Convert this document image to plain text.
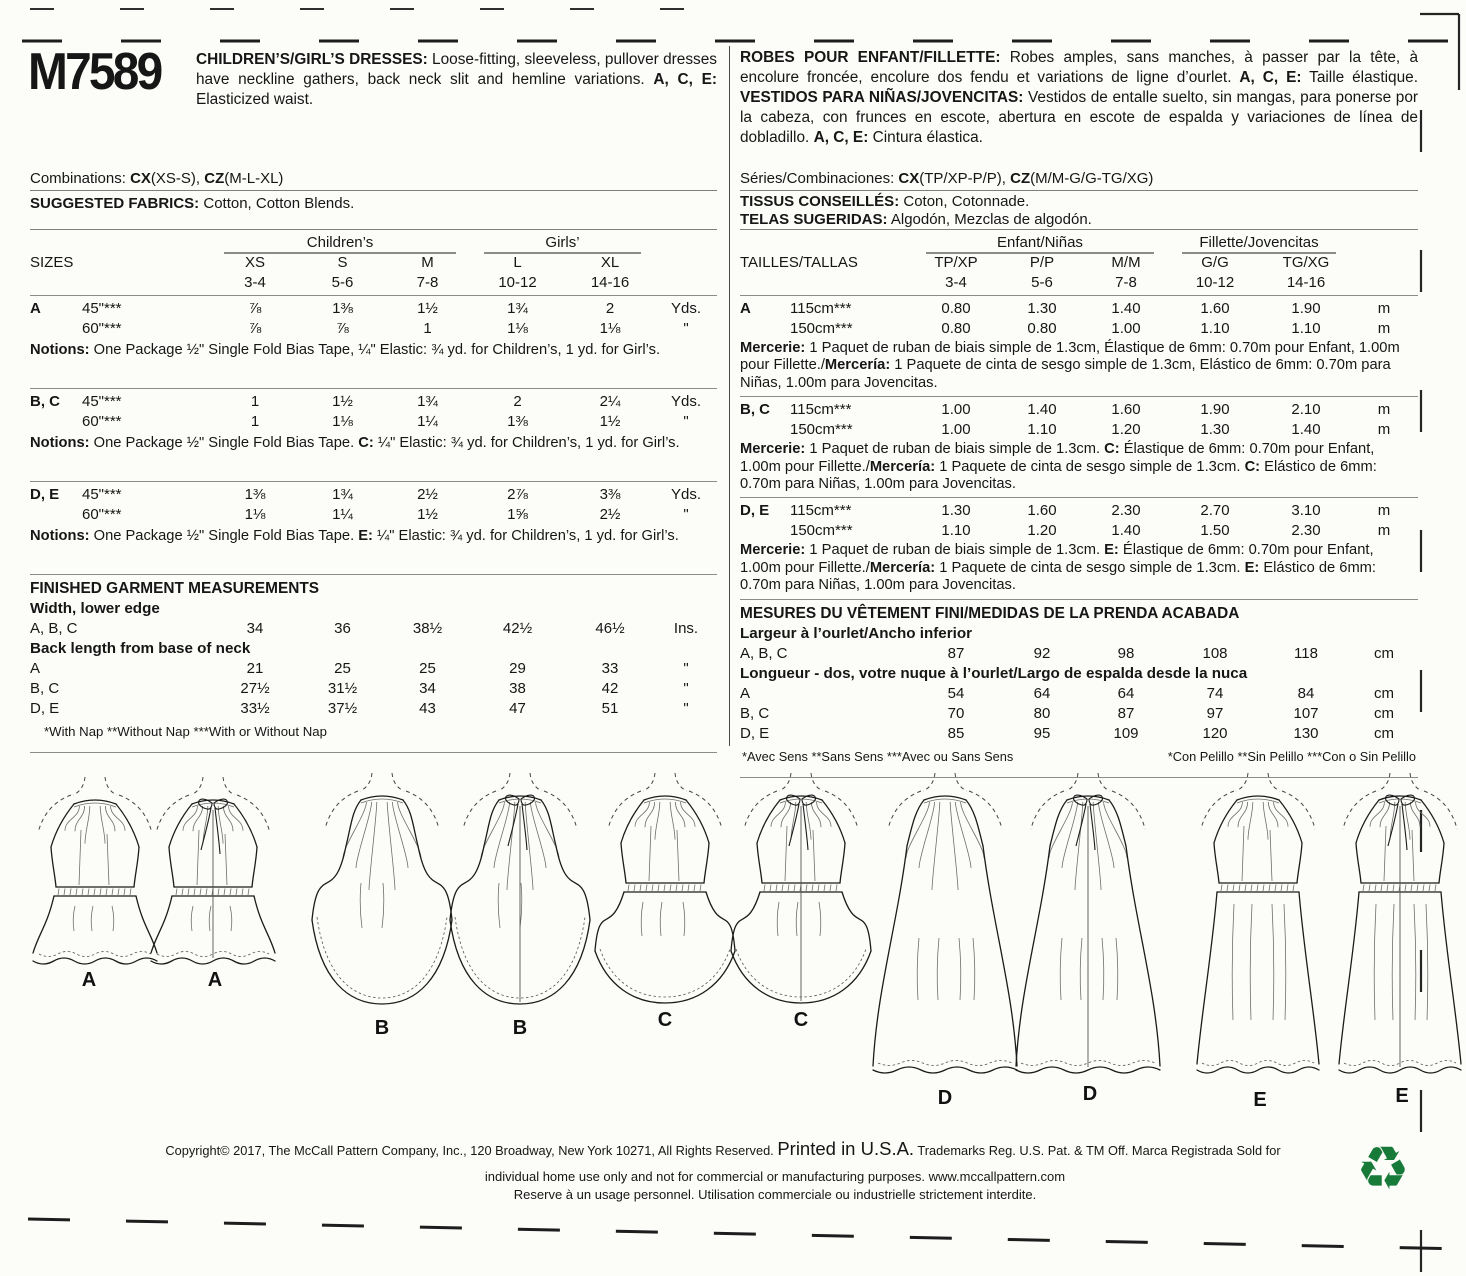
A	A
B	B	C	C
D	D	E	E
M7589 CHILDREN’S/GIRL’S DRESSES: Loose-fitting, sleeveless, pullover dresses have neckline gathers, back neck slit and hemline variations. A, C, E: Elasticized waist.
ROBES POUR ENFANT/FILLETTE: Robes amples, sans manches, à passer par la tête, à encolure froncée, encolure dos fendu et variations de ligne d’ourlet. A, C, E: Taille élastique. VESTIDOS PARA NIÑAS/JOVENCITAS: Vestidos de entalle suelto, sin mangas, para ponerse por la cabeza, con frunces en escote, abertura en escote de espalda y variaciones de línea de dobladillo. A, C, E: Cintura élastica.
Combinations: CX(XS-S), CZ(M-L-XL)
SUGGESTED FABRICS: Cotton, Cotton Blends.
Séries/Combinaciones: CX(TP/XP-P/P), CZ(M/M-G/G-TG/XG)
TISSUS CONSEILLÉS: Coton, Cotonnade.
TELAS SUGERIDAS: Algodón, Mezclas de algodón.
Children’s	Girls’
SIZES	XS	S	M	L	XL
3-4	5-6	7-8	10-12	14-16
A	45"***	⅞	1⅜	1½	1¾	2	Yds.
60"***	⅞	⅞	1	1⅛	1⅛	"
Notions: One Package ½" Single Fold Bias Tape, ¼" Elastic: ¾ yd. for Children’s, 1 yd. for Girl’s.
B, C	45"***	1	1½	1¾	2	2¼	Yds.
60"***	1	1⅛	1¼	1⅜	1½	"
Notions: One Package ½" Single Fold Bias Tape. C: ¼" Elastic: ¾ yd. for Children’s, 1 yd. for Girl’s.
D, E	45"***	1⅜	1¾	2½	2⅞	3⅜	Yds.
60"***	1⅛	1¼	1½	1⅝	2½	"
Notions: One Package ½" Single Fold Bias Tape. E: ¼" Elastic: ¾ yd. for Children’s, 1 yd. for Girl’s.
FINISHED GARMENT MEASUREMENTS
Width, lower edge
A, B, C	34	36	38½	42½	46½	Ins.
Back length from base of neck
A	21	25	25	29	33	"
B, C	27½	31½	34	38	42	"
D, E	33½	37½	43	47	51	"
*With Nap **Without Nap ***With or Without Nap
Enfant/Niñas	Fillette/Jovencitas
TAILLES/TALLAS	TP/XP	P/P	M/M	G/G	TG/XG
3-4	5-6	7-8	10-12	14-16
A	115cm***	0.80	1.30	1.40	1.60	1.90	m
150cm***	0.80	0.80	1.00	1.10	1.10	m
Mercerie: 1 Paquet de ruban de biais simple de 1.3cm, Élastique de 6mm: 0.70m pour Enfant, 1.00m pour Fillette./Mercería: 1 Paquete de cinta de sesgo simple de 1.3cm, Elástico de 6mm: 0.70m para Niñas, 1.00m para Jovencitas.
B, C	115cm***	1.00	1.40	1.60	1.90	2.10	m
150cm***	1.00	1.10	1.20	1.30	1.40	m
Mercerie: 1 Paquet de ruban de biais simple de 1.3cm. C: Élastique de 6mm: 0.70m pour Enfant, 1.00m pour Fillette./Mercería: 1 Paquete de cinta de sesgo simple de 1.3cm. C: Elástico de 6mm: 0.70m para Niñas, 1.00m para Jovencitas.
D, E	115cm***	1.30	1.60	2.30	2.70	3.10	m
150cm***	1.10	1.20	1.40	1.50	2.30	m
Mercerie: 1 Paquet de ruban de biais simple de 1.3cm. E: Élastique de 6mm: 0.70m pour Enfant, 1.00m pour Fillette./Mercería: 1 Paquete de cinta de sesgo simple de 1.3cm. E: Elástico de 6mm: 0.70m para Niñas, 1.00m para Jovencitas.
MESURES DU VÊTEMENT FINI/MEDIDAS DE LA PRENDA ACABADA
Largeur à l’ourlet/Ancho inferior
A, B, C	87	92	98	108	118	cm
Longueur - dos, votre nuque à l’ourlet/Largo de espalda desde la nuca
A	54	64	64	74	84	cm
B, C	70	80	87	97	107	cm
D, E	85	95	109	120	130	cm
*Avec Sens **Sans Sens ***Avec ou Sans Sens	*Con Pelillo **Sin Pelillo ***Con o Sin Pelillo
Copyright© 2017, The McCall Pattern Company, Inc., 120 Broadway, New York 10271, All Rights Reserved. Printed in U.S.A. Trademarks Reg. U.S. Pat. & TM Off. Marca Registrada Sold for
individual home use only and not for commercial or manufacturing purposes. www.mccallpattern.com
Reserve à un usage personnel. Utilisation commerciale ou industrielle strictement interdite.	♻
